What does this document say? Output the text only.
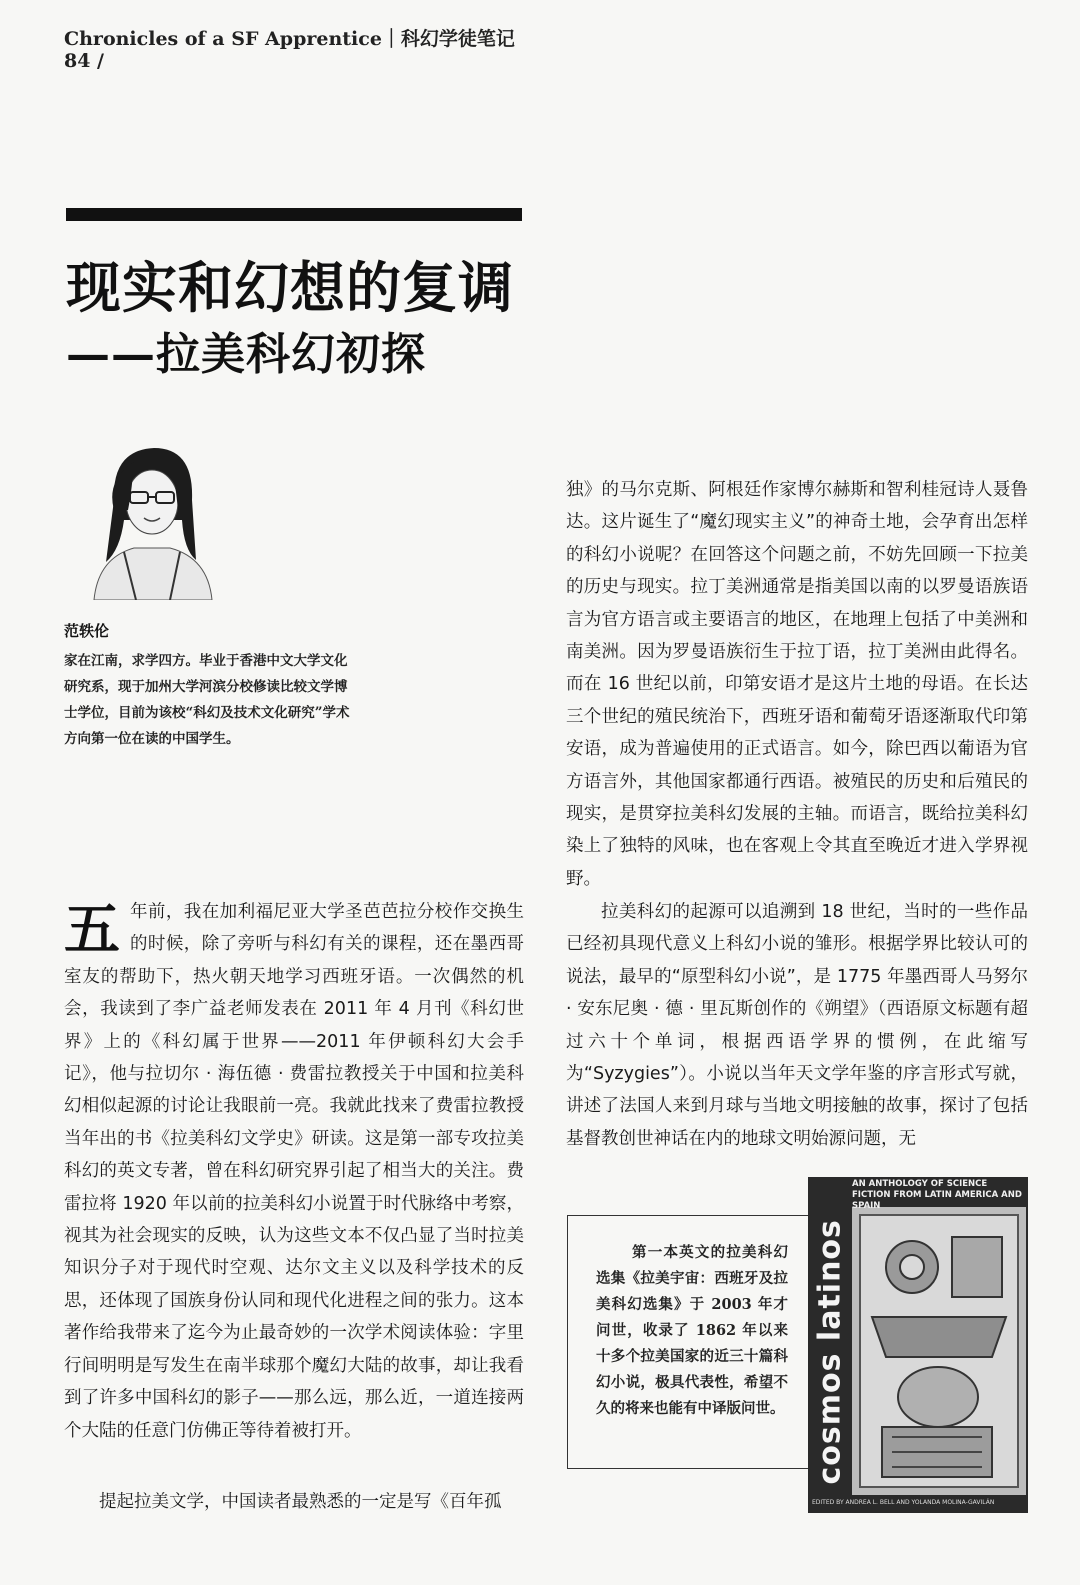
Chronicles of a SF Apprentice｜科幻学徒笔记
84 /
现实和幻想的复调
——拉美科幻初探
范轶伦

家在江南，求学四方。毕业于香港中文大学文化研究系，现于加州大学河滨分校修读比较文学博士学位，目前为该校“科幻及技术文化研究”学术方向第一位在读的中国学生。

五 年前，我在加利福尼亚大学圣芭芭拉分校作交换生的时候，除了旁听与科幻有关的课程，还在墨西哥室友的帮助下，热火朝天地学习西班牙语。一次偶然的机会，我读到了李广益老师发表在 2011 年 4 月刊《科幻世界》上的《科幻属于世界——2011 年伊顿科幻大会手记》，他与拉切尔 · 海伍德 · 费雷拉教授关于中国和拉美科幻相似起源的讨论让我眼前一亮。我就此找来了费雷拉教授当年出的书《拉美科幻文学史》研读。这是第一部专攻拉美科幻的英文专著，曾在科幻研究界引起了相当大的关注。费雷拉将 1920 年以前的拉美科幻小说置于时代脉络中考察，视其为社会现实的反映，认为这些文本不仅凸显了当时拉美知识分子对于现代时空观、达尔文主义以及科学技术的反思，还体现了国族身份认同和现代化进程之间的张力。这本著作给我带来了迄今为止最奇妙的一次学术阅读体验：字里行间明明是写发生在南半球那个魔幻大陆的故事，却让我看到了许多中国科幻的影子——那么远，那么近，一道连接两个大陆的任意门仿佛正等待着被打开。

提起拉美文学，中国读者最熟悉的一定是写《百年孤

独》的马尔克斯、阿根廷作家博尔赫斯和智利桂冠诗人聂鲁达。这片诞生了“魔幻现实主义”的神奇土地，会孕育出怎样的科幻小说呢？在回答这个问题之前，不妨先回顾一下拉美的历史与现实。拉丁美洲通常是指美国以南的以罗曼语族语言为官方语言或主要语言的地区，在地理上包括了中美洲和南美洲。因为罗曼语族衍生于拉丁语，拉丁美洲由此得名。而在 16 世纪以前，印第安语才是这片土地的母语。在长达三个世纪的殖民统治下，西班牙语和葡萄牙语逐渐取代印第安语，成为普遍使用的正式语言。如今，除巴西以葡语为官方语言外，其他国家都通行西语。被殖民的历史和后殖民的现实，是贯穿拉美科幻发展的主轴。而语言，既给拉美科幻染上了独特的风味，也在客观上令其直至晚近才进入学界视野。

拉美科幻的起源可以追溯到 18 世纪，当时的一些作品已经初具现代意义上科幻小说的雏形。根据学界比较认可的说法，最早的“原型科幻小说”，是 1775 年墨西哥人马努尔 · 安东尼奥 · 德 · 里瓦斯创作的《朔望》（西语原文标题有超过六十个单词，根据西语学界的惯例，在此缩写为“Syzygies”）。小说以当年天文学年鉴的序言形式写就，讲述了法国人来到月球与当地文明接触的故事，探讨了包括基督教创世神话在内的地球文明始源问题，无

第一本英文的拉美科幻选集《拉美宇宙：西班牙及拉美科幻选集》于 2003 年才问世，收录了 1862 年以来十多个拉美国家的近三十篇科幻小说，极具代表性，希望不久的将来也能有中译版问世。

AN ANTHOLOGY OF SCIENCE FICTION FROM LATIN AMERICA AND SPAIN
cosmos latinos
EDITED BY ANDREA L. BELL AND YOLANDA MOLINA-GAVILÁN
